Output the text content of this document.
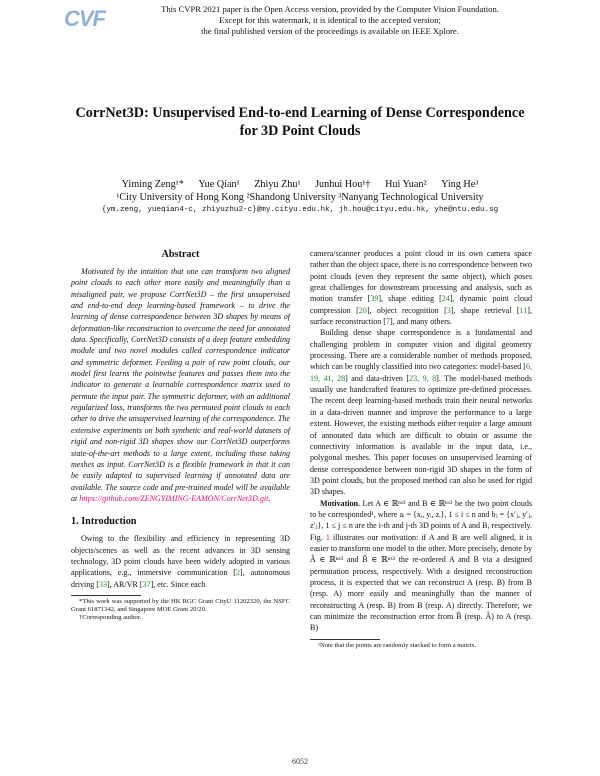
CVF	This CVPR 2021 paper is the Open Access version, provided by the Computer Vision Foundation.
Except for this watermark, it is identical to the accepted version;
the final published version of the proceedings is available on IEEE Xplore.
CorrNet3D: Unsupervised End-to-end Learning of Dense Correspondence
for 3D Point Clouds
Yiming Zeng¹* Yue Qian¹ Zhiyu Zhu¹ Junhui Hou¹† Hui Yuan² Ying He³
¹City University of Hong Kong ²Shandong University ³Nanyang Technological University
{ym.zeng, yueqian4-c, zhiyuzhu2-c}@my.cityu.edu.hk, jh.hou@cityu.edu.hk, yhe@ntu.edu.sg
Abstract

Motivated by the intuition that one can transform two aligned point clouds to each other more easily and meaningfully than a misaligned pair, we propose CorrNet3D – the first unsupervised and end-to-end deep learning-based framework – to drive the learning of dense correspondence between 3D shapes by means of deformation-like reconstruction to overcome the need for annotated data. Specifically, CorrNet3D consists of a deep feature embedding module and two novel modules called correspondence indicator and symmetric deformer. Feeding a pair of raw point clouds, our model first learns the pointwise features and passes them into the indicator to generate a learnable correspondence matrix used to permute the input pair. The symmetric deformer, with an additional regularized loss, transforms the two permuted point clouds to each other to drive the unsupervised learning of the correspondence. The extensive experiments on both synthetic and real-world datasets of rigid and non-rigid 3D shapes show our CorrNet3D outperforms state-of-the-art methods to a large extent, including those taking meshes as input. CorrNet3D is a flexible framework in that it can be easily adapted to supervised learning if annotated data are available. The source code and pre-trained model will be available at https://github.com/ZENGYIMING-EAMON/CorrNet3D.git.

1. Introduction

Owing to the flexibility and efficiency in representing 3D objects/scenes as well as the recent advances in 3D sensing technology, 3D point clouds have been widely adopted in various applications, e.g., immersive communication [2], autonomous driving [33], AR/VR [37], etc. Since each

*This work was supported by the HK RGC Grant CityU 11202320, the NSFC Grant 61871342, and Singapore MOE Grant 20/20.
†Corresponding author.

camera/scanner produces a point cloud in its own camera space rather than the object space, there is no correspondence between two point clouds (even they represent the same object), which poses great challenges for downstream processing and analysis, such as motion transfer [39], shape editing [24], dynamic point cloud compression [20], object recognition [3], shape retrieval [11], surface reconstruction [7], and many others.

Building dense shape correspondence is a fundamental and challenging problem in computer vision and digital geometry processing. There are a considerable number of methods proposed, which can be roughly classified into two categories: model-based [6, 19, 41, 28] and data-driven [23, 9, 8]. The model-based methods usually use handcrafted features to optimize pre-defined processes. The recent deep learning-based methods train their neural networks in a data-driven manner and improve the performance to a large extent. However, the existing methods either require a large amount of annotated data which are difficult to obtain or assume the connectivity information is available in the input data, i.e., polygonal meshes. This paper focuses on unsupervised learning of dense correspondence between non-rigid 3D shapes in the form of 3D point clouds, but the proposed method can also be used for rigid 3D shapes.

Motivation. Let A ∈ ℝⁿˣ³ and B ∈ ℝⁿˣ³ be the two point clouds to be corresponded¹, where aᵢ = {xᵢ, yᵢ, zᵢ}, 1 ≤ i ≤ n and bⱼ = {x′ⱼ, y′ⱼ, z′ⱼ}, 1 ≤ j ≤ n are the i-th and j-th 3D points of A and B, respectively. Fig. 1 illustrates our motivation: if A and B are well aligned, it is easier to transform one model to the other. More precisely, denote by Â ∈ ℝⁿˣ³ and B̂ ∈ ℝⁿˣ³ the re-ordered A and B via a designed permutation process, respectively. With a designed reconstruction process, it is expected that we can reconstruct A (resp. B) from B (resp. A) more easily and meaningfully than the manner of reconstructing A (resp. B) from B (resp. A) directly. Therefore, we can minimize the reconstruction error from B̂ (resp. Â) to A (resp. B)

¹Note that the points are randomly stacked to form a matrix.
6052
